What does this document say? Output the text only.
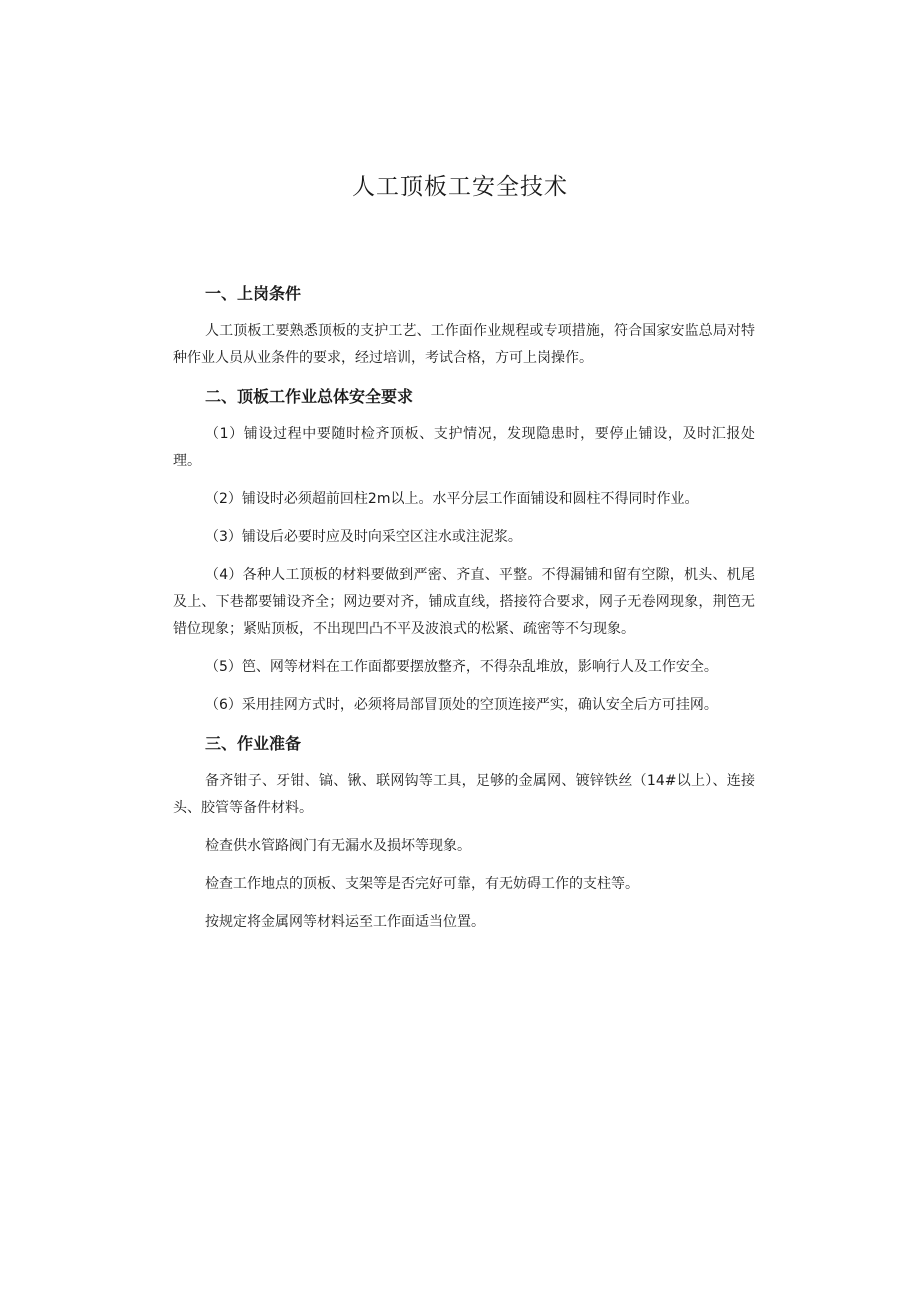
人工顶板工安全技术
一、上岗条件

人工顶板工要熟悉顶板的支护工艺、工作面作业规程或专项措施，符合国家安监总局对特种作业人员从业条件的要求，经过培训，考试合格，方可上岗操作。

二、顶板工作业总体安全要求

（1）铺设过程中要随时检齐顶板、支护情况，发现隐患时，要停止铺设，及时汇报处理。

（2）铺设时必须超前回柱2m以上。水平分层工作面铺设和圆柱不得同时作业。

（3）铺设后必要时应及时向采空区注水或注泥浆。

（4）各种人工顶板的材料要做到严密、齐直、平整。不得漏铺和留有空隙，机头、机尾及上、下巷都要铺设齐全；网边要对齐，铺成直线，搭接符合要求，网子无卷网现象，荆笆无错位现象；紧贴顶板，不出现凹凸不平及波浪式的松紧、疏密等不匀现象。

（5）笆、网等材料在工作面都要摆放整齐，不得杂乱堆放，影响行人及工作安全。

（6）采用挂网方式时，必须将局部冒顶处的空顶连接严实，确认安全后方可挂网。

三、作业准备

备齐钳子、牙钳、镐、锹、联网钩等工具，足够的金属网、镀锌铁丝（14#以上）、连接头、胶管等备件材料。

检查供水管路阀门有无漏水及损坏等现象。

检查工作地点的顶板、支架等是否完好可靠，有无妨碍工作的支柱等。

按规定将金属网等材料运至工作面适当位置。
